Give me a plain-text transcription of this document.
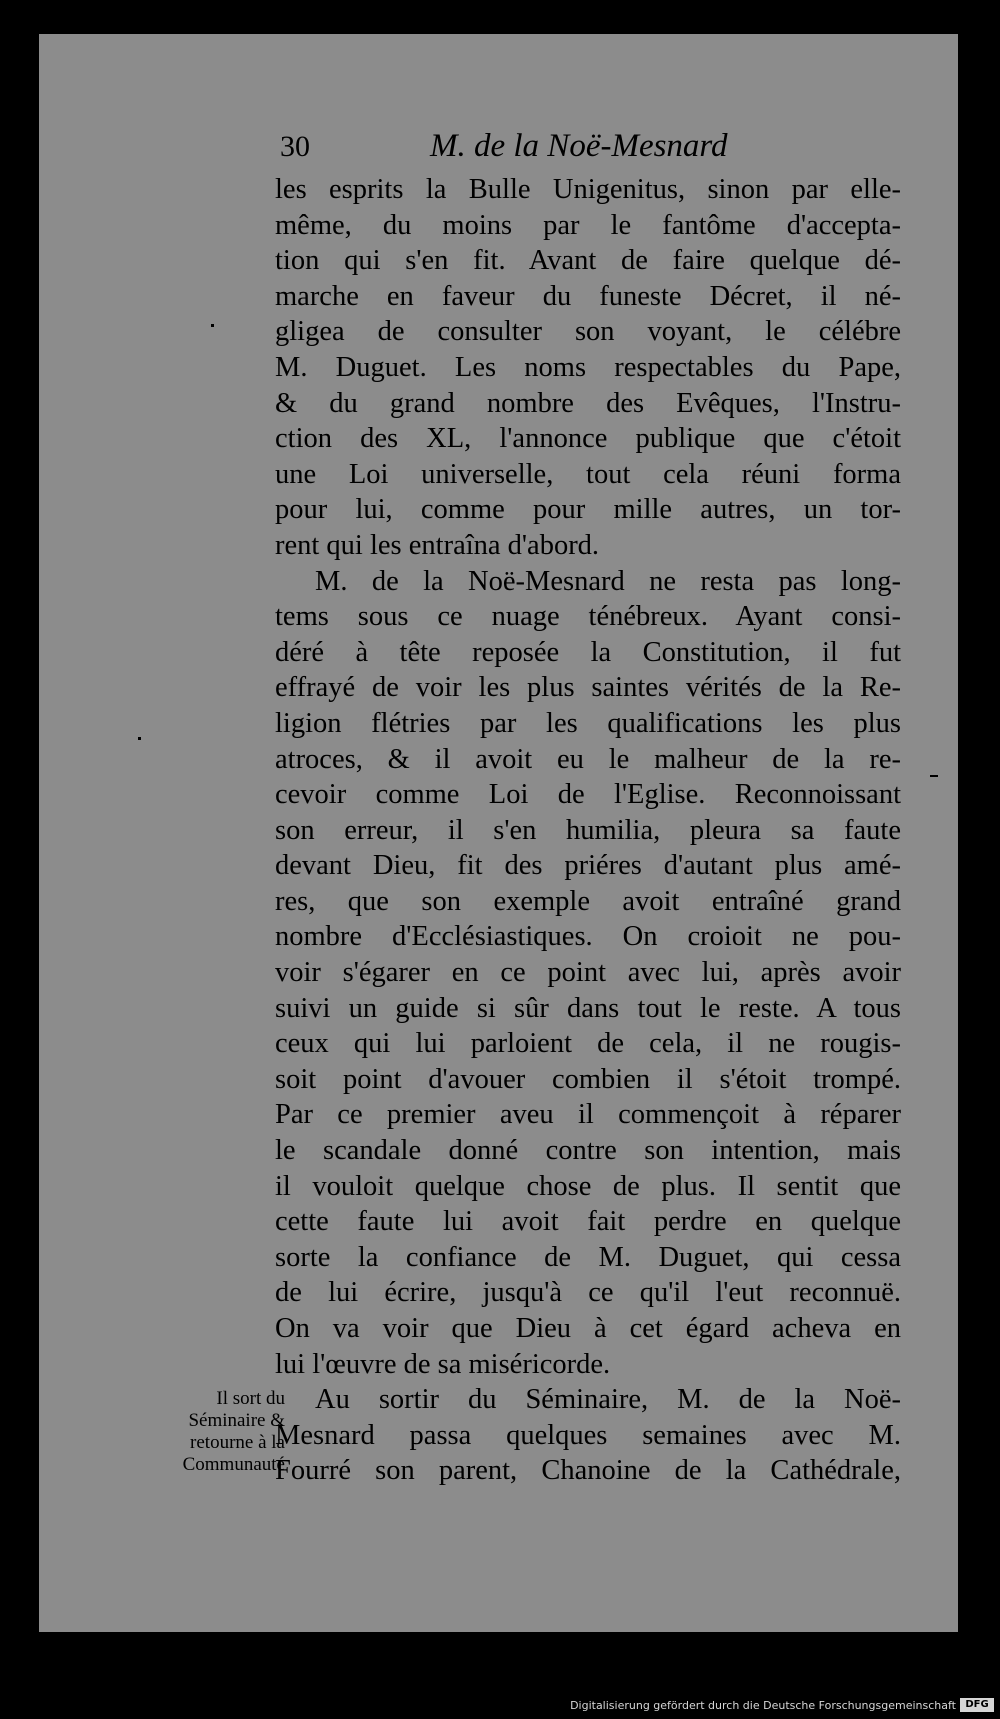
30	M. de la Noë-Mesnard
les esprits la Bulle Unigenitus, sinon par elle-
même, du moins par le fantôme d'accepta-
tion qui s'en fit. Avant de faire quelque dé-
marche en faveur du funeste Décret, il né-
gligea de consulter son voyant, le célébre
M. Duguet. Les noms respectables du Pape,
& du grand nombre des Evêques, l'Instru-
ction des XL, l'annonce publique que c'étoit
une Loi universelle, tout cela réuni forma
pour lui, comme pour mille autres, un tor-
rent qui les entraîna d'abord.
M. de la Noë-Mesnard ne resta pas long-
tems sous ce nuage ténébreux. Ayant consi-
déré à tête reposée la Constitution, il fut
effrayé de voir les plus saintes vérités de la Re-
ligion flétries par les qualifications les plus
atroces, & il avoit eu le malheur de la re-
cevoir comme Loi de l'Eglise. Reconnoissant
son erreur, il s'en humilia, pleura sa faute
devant Dieu, fit des priéres d'autant plus amé-
res, que son exemple avoit entraîné grand
nombre d'Ecclésiastiques. On croioit ne pou-
voir s'égarer en ce point avec lui, après avoir
suivi un guide si sûr dans tout le reste. A tous
ceux qui lui parloient de cela, il ne rougis-
soit point d'avouer combien il s'étoit trompé.
Par ce premier aveu il commençoit à réparer
le scandale donné contre son intention, mais
il vouloit quelque chose de plus. Il sentit que
cette faute lui avoit fait perdre en quelque
sorte la confiance de M. Duguet, qui cessa
de lui écrire, jusqu'à ce qu'il l'eut reconnuë.
On va voir que Dieu à cet égard acheva en
lui l'œuvre de sa miséricorde.
Au sortir du Séminaire, M. de la Noë-
Mesnard passa quelques semaines avec M.
Fourré son parent, Chanoine de la Cathédrale,
Il sort du
Séminaire &
retourne à la
Communauté
Digitalisierung gefördert durch die Deutsche Forschungsgemeinschaft DFG
